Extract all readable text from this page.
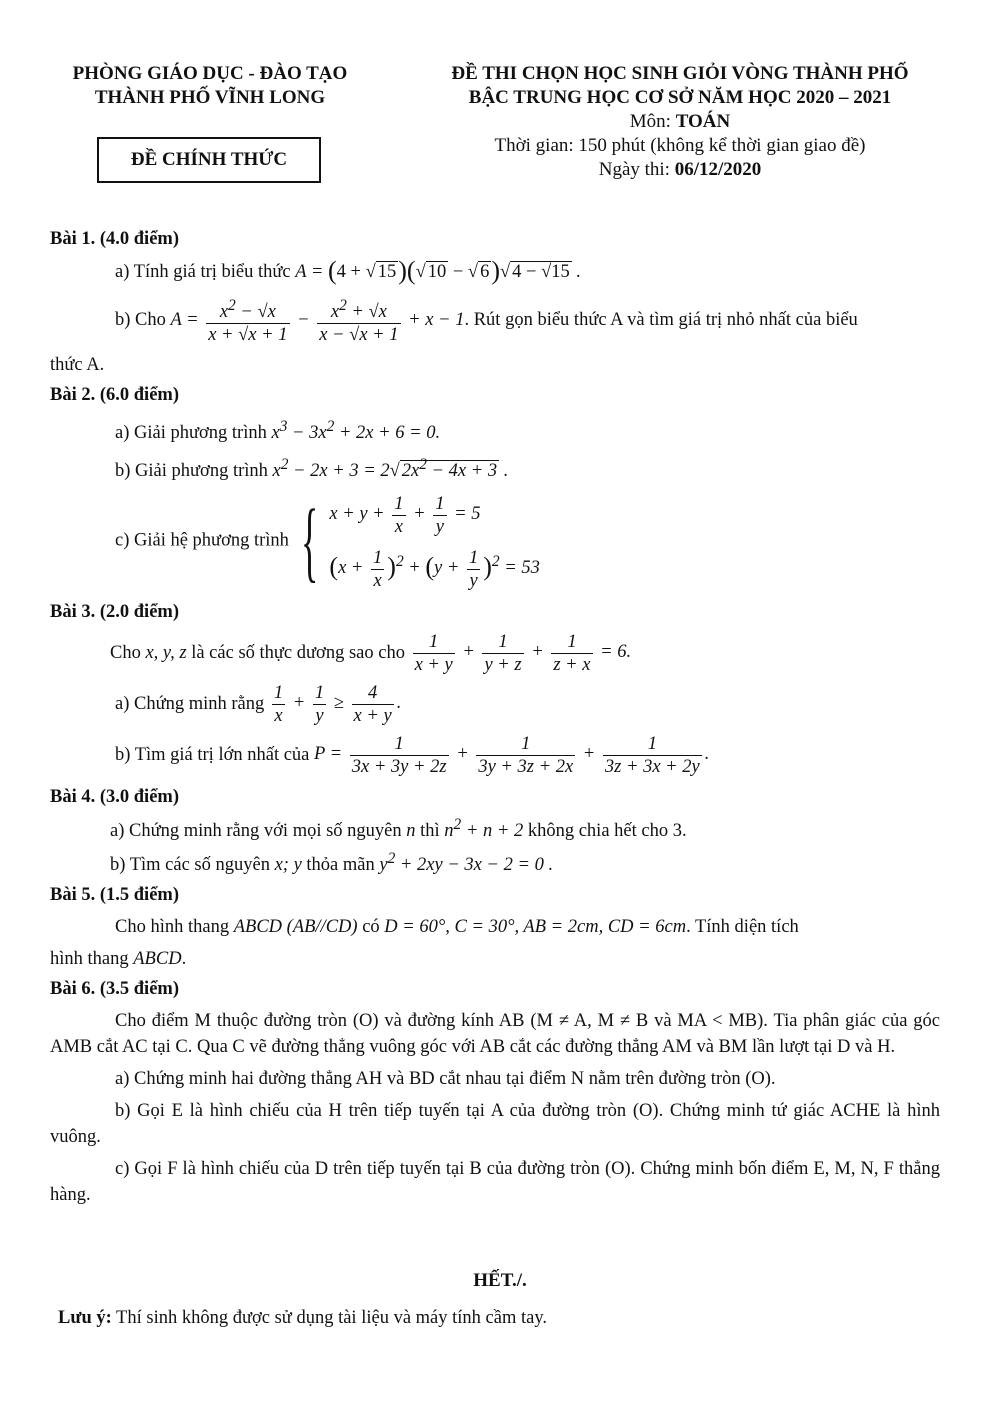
PHÒNG GIÁO DỤC - ĐÀO TẠO
THÀNH PHỐ VĨNH LONG
ĐỀ THI CHỌN HỌC SINH GIỎI VÒNG THÀNH PHỐ
BẬC TRUNG HỌC CƠ SỞ NĂM HỌC 2020 – 2021
Môn: TOÁN
Thời gian: 150 phút (không kể thời gian giao đề)
Ngày thi: 06/12/2020
ĐỀ CHÍNH THỨC
Bài 1. (4.0 điểm)
a) Tính giá trị biểu thức A = (4 + √ 15)(√ 10 − √ 6)√ 4 − √15 .
b) Cho $A = \frac{x^2 - √x}{x + √x + 1} - \frac{x^2 + √x}{x - √x + 1} + x - 1$. Rút gọn biểu thức A và tìm giá trị nhỏ nhất của biểu
thức A.
Bài 2. (6.0 điểm)
a) Giải phương trình $x^3 - 3x^2 + 2x + 6 = 0$.
b) Giải phương trình $x^2 - 2x + 3 = 2√$ $2x^2 - 4x + 3$ .
c) Giải hệ phương trình { $x + y + \frac{1}{x} + \frac{1}{y} = 5$
$(x + \frac{1}{x} )^2 + (y + \frac{1}{y} )^2 = 53$
Bài 3. (2.0 điểm)
Cho x, y, z là các số thực dương sao cho $\frac{1}{x + y} + \frac{1}{y + z} + \frac{1}{z + x} = 6$.
a) Chứng minh rằng $\frac{1}{x} + \frac{1}{y} \ge \frac{4}{x + y}$ .
b) Tìm giá trị lớn nhất của $P = \frac{1}{3x + 3y + 2z} + \frac{1}{3y + 3z + 2x} + \frac{1}{3z + 3x + 2y}$ .
Bài 4. (3.0 điểm)
a) Chứng minh rằng với mọi số nguyên n thì $n^2 + n + 2$ không chia hết cho 3.
b) Tìm các số nguyên x; y thỏa mãn $y^2 + 2xy - 3x - 2 = 0$ .
Bài 5. (1.5 điểm)
Cho hình thang ABCD (AB//CD) có D = 60°, C = 30°, AB = 2cm, CD = 6cm. Tính diện tích
hình thang ABCD.
Bài 6. (3.5 điểm)
Cho điểm M thuộc đường tròn (O) và đường kính AB (M ≠ A, M ≠ B và MA < MB). Tia phân giác của góc AMB cắt AC tại C. Qua C vẽ đường thẳng vuông góc với AB cắt các đường thẳng AM và BM lần lượt tại D và H.
a) Chứng minh hai đường thẳng AH và BD cắt nhau tại điểm N nằm trên đường tròn (O).
b) Gọi E là hình chiếu của H trên tiếp tuyến tại A của đường tròn (O). Chứng minh tứ giác ACHE là hình vuông.
c) Gọi F là hình chiếu của D trên tiếp tuyến tại B của đường tròn (O). Chứng minh bốn điểm E, M, N, F thẳng hàng.
HẾT./.
Lưu ý: Thí sinh không được sử dụng tài liệu và máy tính cầm tay.
